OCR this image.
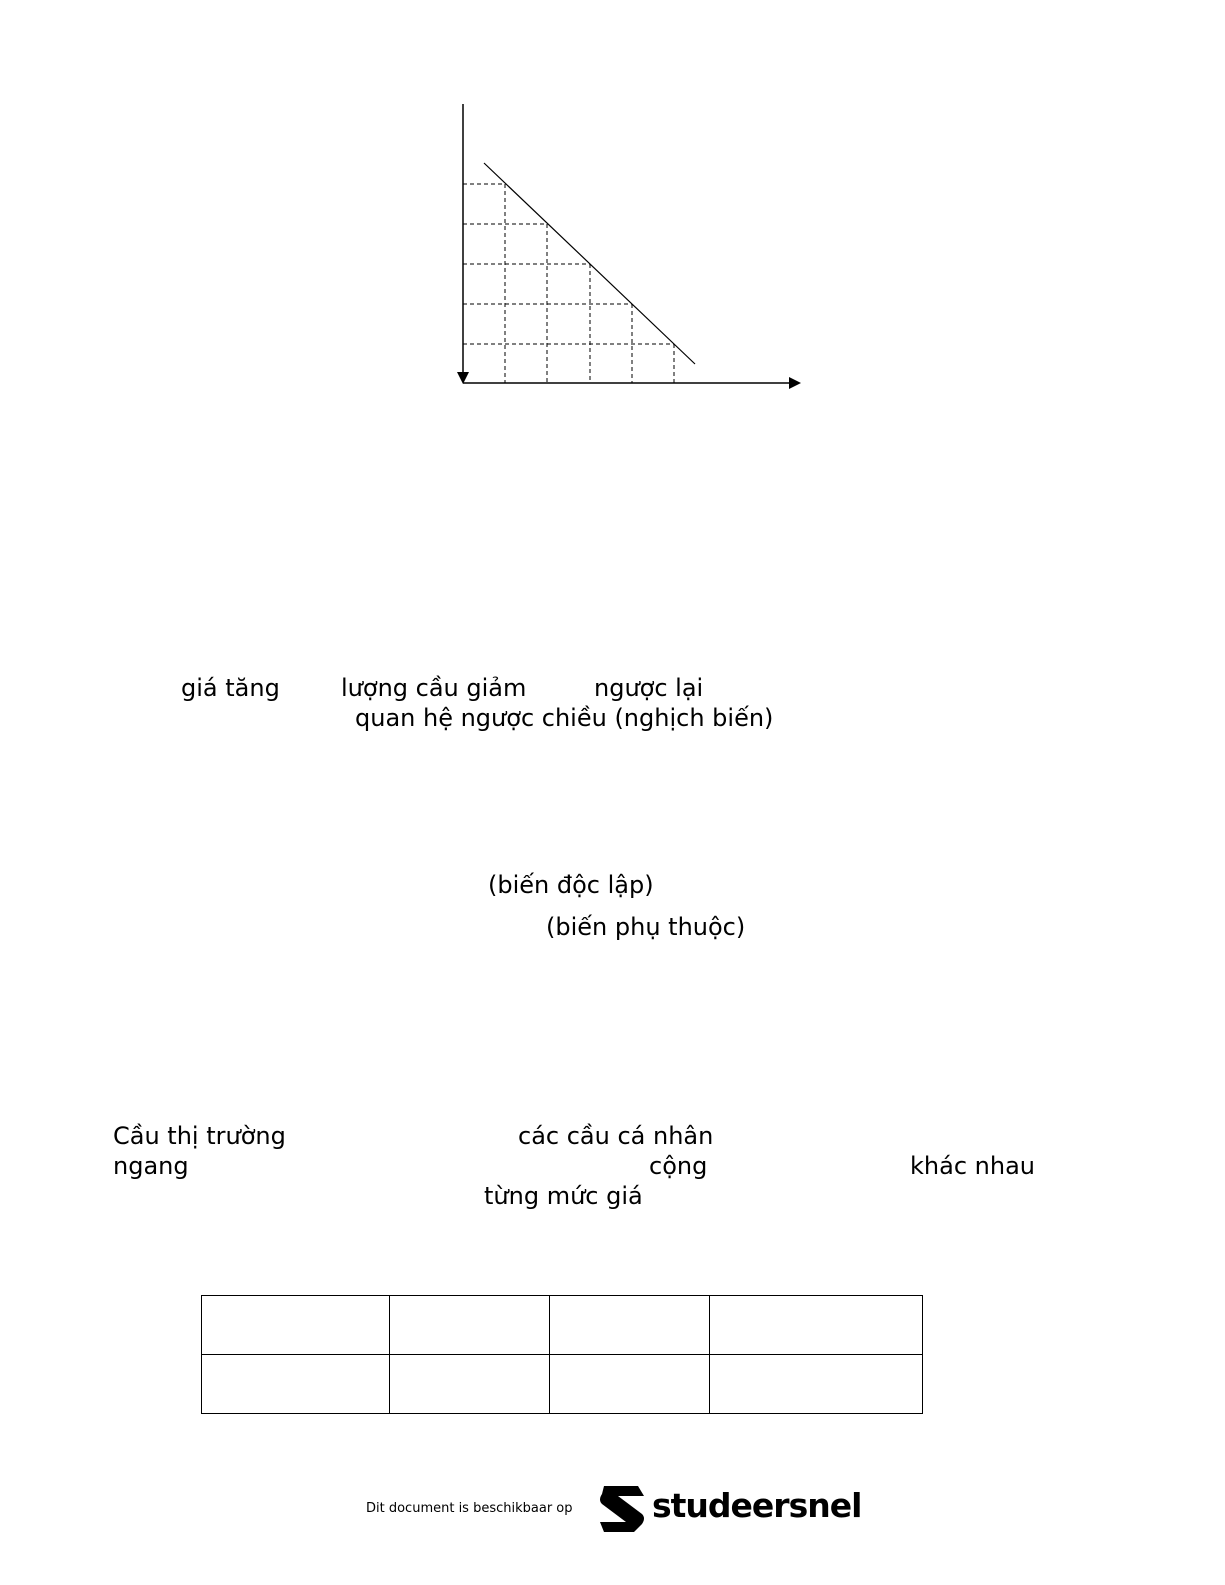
giá tăng	lượng cầu giảm	ngược lại
quan hệ ngược chiều (nghịch biến)
(biến độc lập)
(biến phụ thuộc)
Cầu thị trường	các cầu cá nhân
ngang	cộng	khác nhau
từng mức giá

Dit document is beschikbaar op studeersnel
